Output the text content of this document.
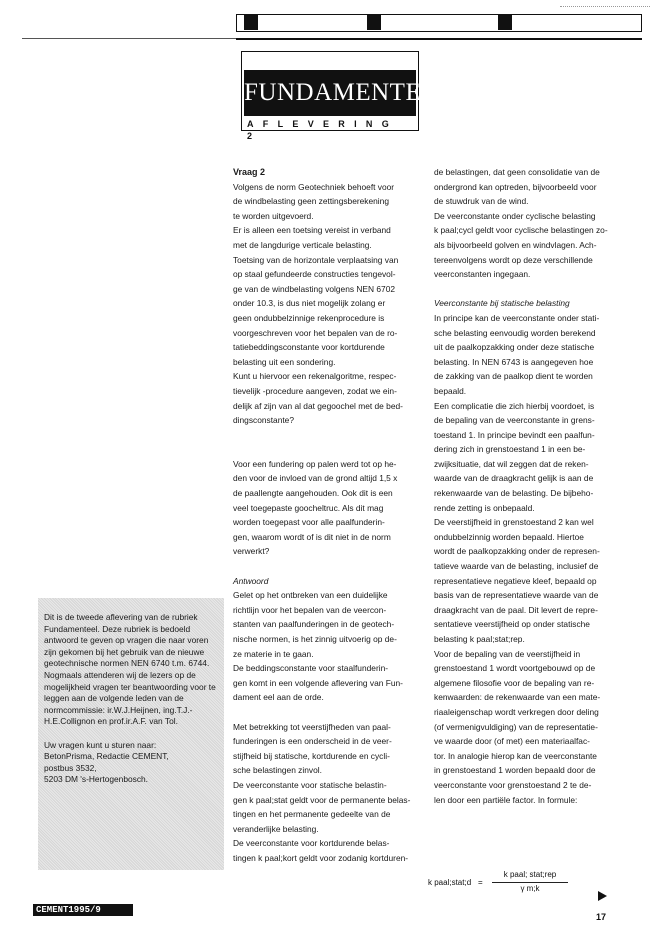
FUNDAMENTEEL
AFLEVERING 2

Vraag 2

Volgens de norm Geotechniek behoeft voor

de windbelasting geen zettingsberekening

te worden uitgevoerd.

Er is alleen een toetsing vereist in verband

met de langdurige verticale belasting.

Toetsing van de horizontale verplaatsing van

op staal gefundeerde constructies tengevol-

ge van de windbelasting volgens NEN 6702

onder 10.3, is dus niet mogelijk zolang er

geen ondubbelzinnige rekenprocedure is

voorgeschreven voor het bepalen van de ro-

tatiebeddingsconstante voor kortdurende

belasting uit een sondering.

Kunt u hiervoor een rekenalgoritme, respec-

tievelijk -procedure aangeven, zodat we ein-

delijk af zijn van al dat gegoochel met de bed-

dingsconstante?

Voor een fundering op palen werd tot op he-

den voor de invloed van de grond altijd 1,5 x

de paallengte aangehouden. Ook dit is een

veel toegepaste goocheltruc. Als dit mag

worden toegepast voor alle paalfunderin-

gen, waarom wordt of is dit niet in de norm

verwerkt?

Antwoord

Gelet op het ontbreken van een duidelijke

richtlijn voor het bepalen van de veercon-

stanten van paalfunderingen in de geotech-

nische normen, is het zinnig uitvoerig op de-

ze materie in te gaan.

De beddingsconstante voor staalfunderin-

gen komt in een volgende aflevering van Fun-

dament eel aan de orde.

Met betrekking tot veerstijfheden van paal-

funderingen is een onderscheid in de veer-

stijfheid bij statische, kortdurende en cycli-

sche belastingen zinvol.

De veerconstante voor statische belastin-

gen k paal;stat geldt voor de permanente belas-

tingen en het permanente gedeelte van de

veranderlijke belasting.

De veerconstante voor kortdurende belas-

tingen k paal;kort geldt voor zodanig kortduren-

de belastingen, dat geen consolidatie van de

ondergrond kan optreden, bijvoorbeeld voor

de stuwdruk van de wind.

De veerconstante onder cyclische belasting

k paal;cycl geldt voor cyclische belastingen zo-

als bijvoorbeeld golven en windvlagen. Ach-

tereenvolgens wordt op deze verschillende

veerconstanten ingegaan.

Veerconstante bij statische belasting

In principe kan de veerconstante onder stati-

sche belasting eenvoudig worden berekend

uit de paalkopzakking onder deze statische

belasting. In NEN 6743 is aangegeven hoe

de zakking van de paalkop dient te worden

bepaald.

Een complicatie die zich hierbij voordoet, is

de bepaling van de veerconstante in grens-

toestand 1. In principe bevindt een paalfun-

dering zich in grenstoestand 1 in een be-

zwijksituatie, dat wil zeggen dat de reken-

waarde van de draagkracht gelijk is aan de

rekenwaarde van de belasting. De bijbeho-

rende zetting is onbepaald.

De veerstijfheid in grenstoestand 2 kan wel

ondubbelzinnig worden bepaald. Hiertoe

wordt de paalkopzakking onder de represen-

tatieve waarde van de belasting, inclusief de

representatieve negatieve kleef, bepaald op

basis van de representatieve waarde van de

draagkracht van de paal. Dit levert de repre-

sentatieve veerstijfheid op onder statische

belasting k paal;stat;rep.

Voor de bepaling van de veerstijfheid in

grenstoestand 1 wordt voortgebouwd op de

algemene filosofie voor de bepaling van re-

kenwaarden: de rekenwaarde van een mate-

riaaleigenschap wordt verkregen door deling

(of vermenigvuldiging) van de representatie-

ve waarde door (of met) een materiaalfac-

tor. In analogie hierop kan de veerconstante

in grenstoestand 1 worden bepaald door de

veerconstante voor grenstoestand 2 te de-

len door een partiële factor. In formule:

k paal;stat;d =
k paal; stat;rep
γ m;k

Dit is de tweede aflevering van de rubriek Fundamenteel. Deze rubriek is bedoeld antwoord te geven op vragen die naar voren zijn gekomen bij het gebruik van de nieuwe geotechnische normen NEN 6740 t.m. 6744.

Nogmaals attenderen wij de lezers op de mogelijkheid vragen ter beantwoording voor te leggen aan de volgende leden van de normcommissie: ir.W.J.Heijnen, ing.T.J.-H.E.Collignon en prof.ir.A.F. van Tol.

Uw vragen kunt u sturen naar:

BetonPrisma, Redactie CEMENT,

postbus 3532,

5203 DM 's-Hertogenbosch.

CEMENT1995/9
17
